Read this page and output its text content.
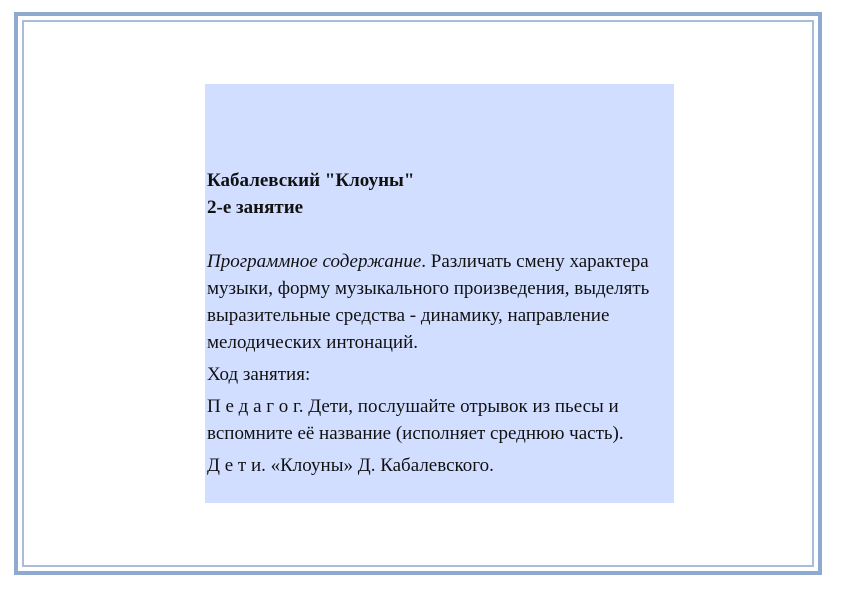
Кабалевский "Клоуны"
2-е занятие

Программное содержание. Различать смену характера музыки, форму музыкального произведения, выделять выразительные средства - динамику, направление мелодических интонаций.

Ход занятия:

П е д а г о г. Дети, послушайте отрывок из пьесы и вспомните её название (исполняет среднюю часть).

Д е т и. «Клоуны» Д. Кабалевского.
